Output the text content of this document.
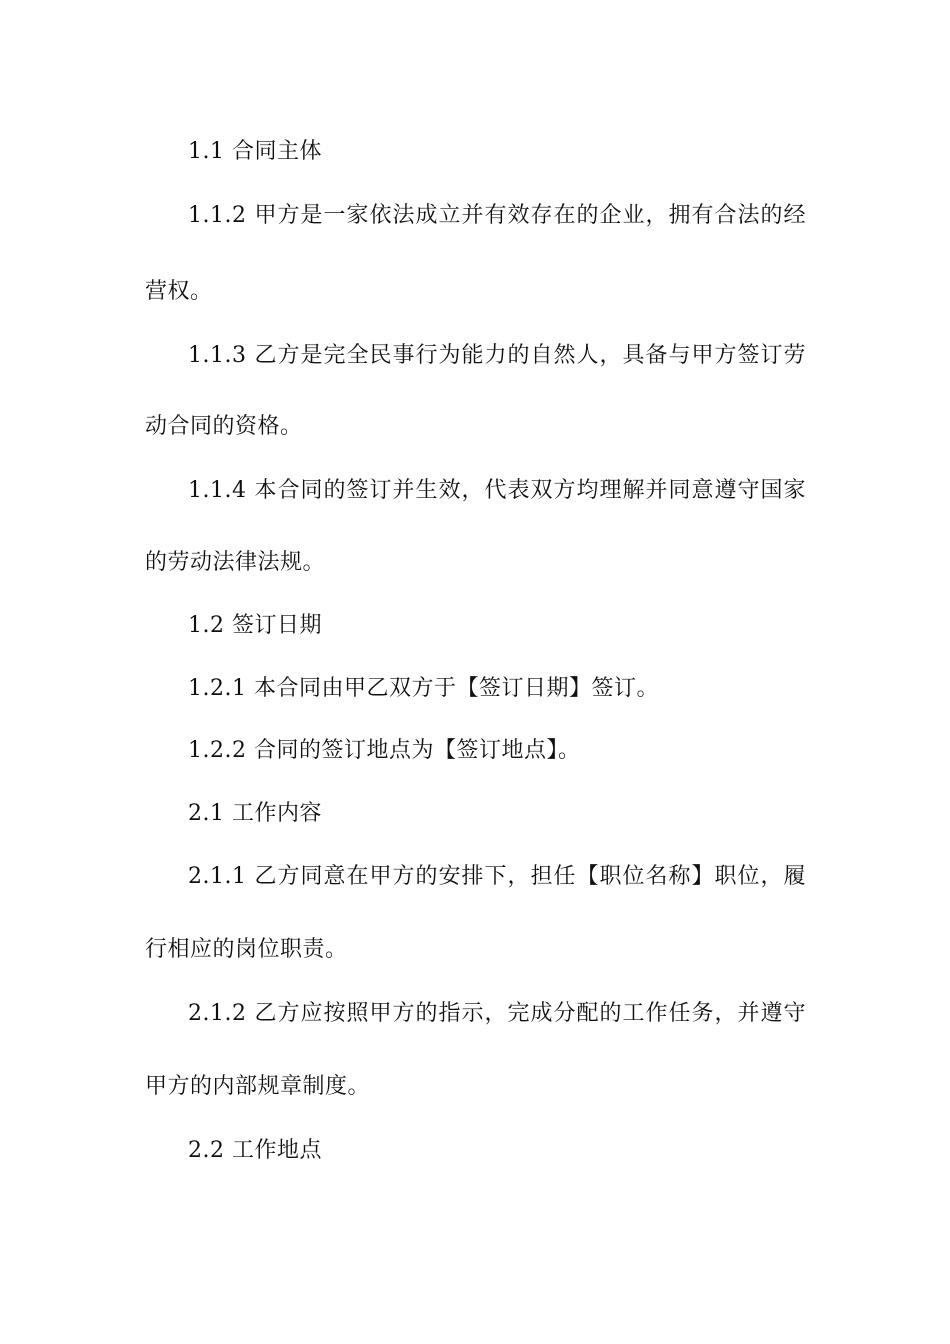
1.1 合同主体
1.1.2 甲方是一家依法成立并有效存在的企业，拥有合法的经
营权。
1.1.3 乙方是完全民事行为能力的自然人，具备与甲方签订劳
动合同的资格。
1.1.4 本合同的签订并生效，代表双方均理解并同意遵守国家
的劳动法律法规。
1.2 签订日期
1.2.1 本合同由甲乙双方于【签订日期】签订。
1.2.2 合同的签订地点为【签订地点】。
2.1 工作内容
2.1.1 乙方同意在甲方的安排下，担任【职位名称】职位，履
行相应的岗位职责。
2.1.2 乙方应按照甲方的指示，完成分配的工作任务，并遵守
甲方的内部规章制度。
2.2 工作地点
